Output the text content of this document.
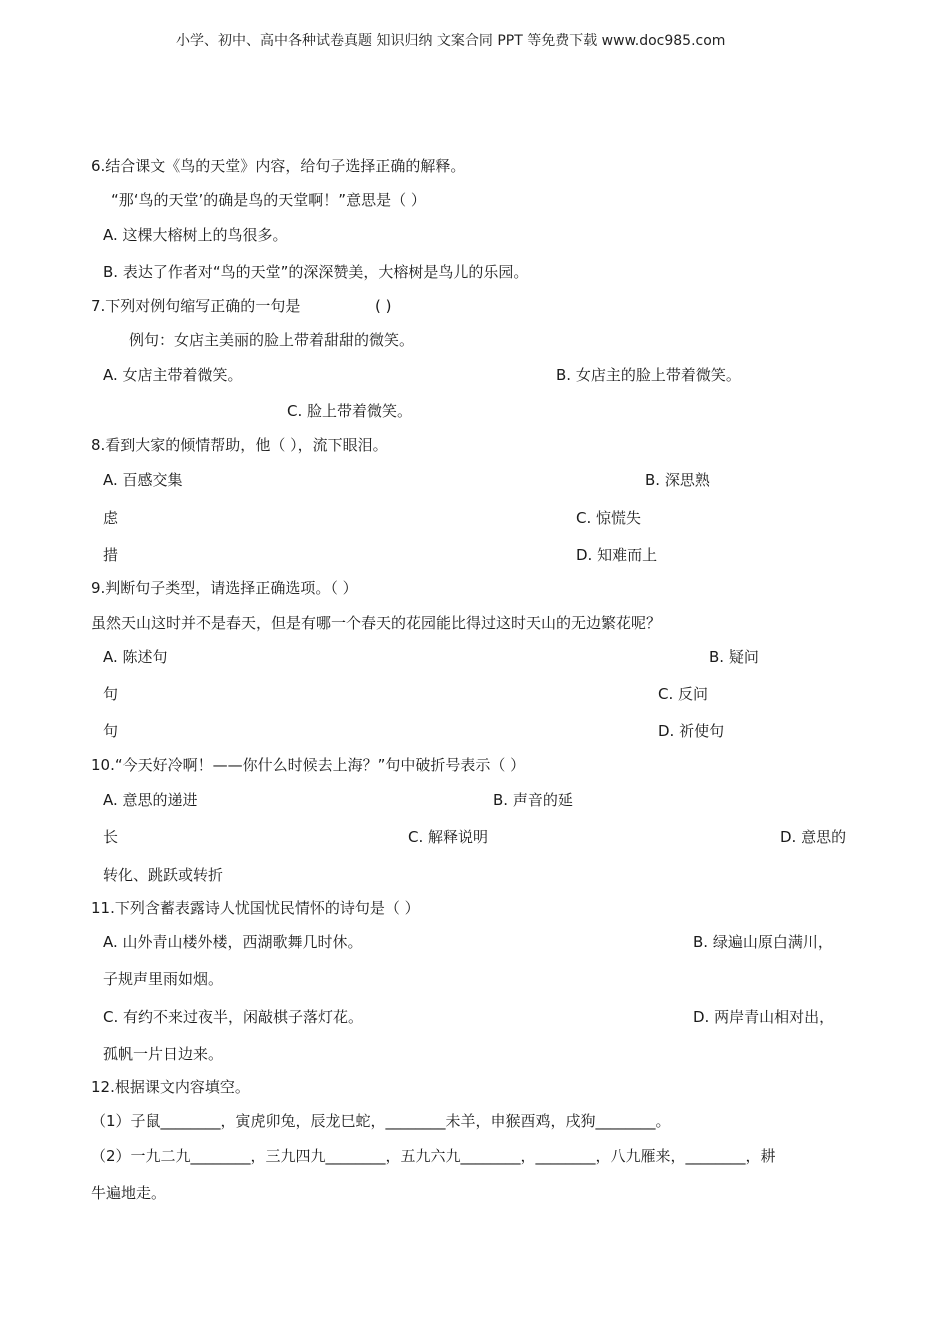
小学、初中、高中各种试卷真题 知识归纳 文案合同 PPT 等免费下载 www.doc985.com
6.结合课文《鸟的天堂》内容，给句子选择正确的解释。
“那‘鸟的天堂’的确是鸟的天堂啊！”意思是（ ）
A. 这棵大榕树上的鸟很多。
B. 表达了作者对“鸟的天堂”的深深赞美，大榕树是鸟儿的乐园。
7.下列对例句缩写正确的一句是	( )
例句：女店主美丽的脸上带着甜甜的微笑。
A. 女店主带着微笑。	B. 女店主的脸上带着微笑。
C. 脸上带着微笑。
8.看到大家的倾情帮助，他（ ），流下眼泪。
A. 百感交集	B. 深思熟
虑	C. 惊慌失
措	D. 知难而上
9.判断句子类型，请选择正确选项。（ ）
虽然天山这时并不是春天，但是有哪一个春天的花园能比得过这时天山的无边繁花呢？
A. 陈述句	B. 疑问
句	C. 反问
句	D. 祈使句
10.“今天好冷啊！——你什么时候去上海？”句中破折号表示（ ）
A. 意思的递进	B. 声音的延
长	C. 解释说明	D. 意思的
转化、跳跃或转折
11.下列含蓄表露诗人忧国忧民情怀的诗句是（ ）
A. 山外青山楼外楼，西湖歌舞几时休。	B. 绿遍山原白满川，
子规声里雨如烟。
C. 有约不来过夜半，闲敲棋子落灯花。	D. 两岸青山相对出，
孤帆一片日边来。
12.根据课文内容填空。
（1）子鼠________，寅虎卯兔，辰龙巳蛇，________未羊，申猴酉鸡，戌狗________。
（2）一九二九________，三九四九________，五九六九________，________，八九雁来，________，耕
牛遍地走。
